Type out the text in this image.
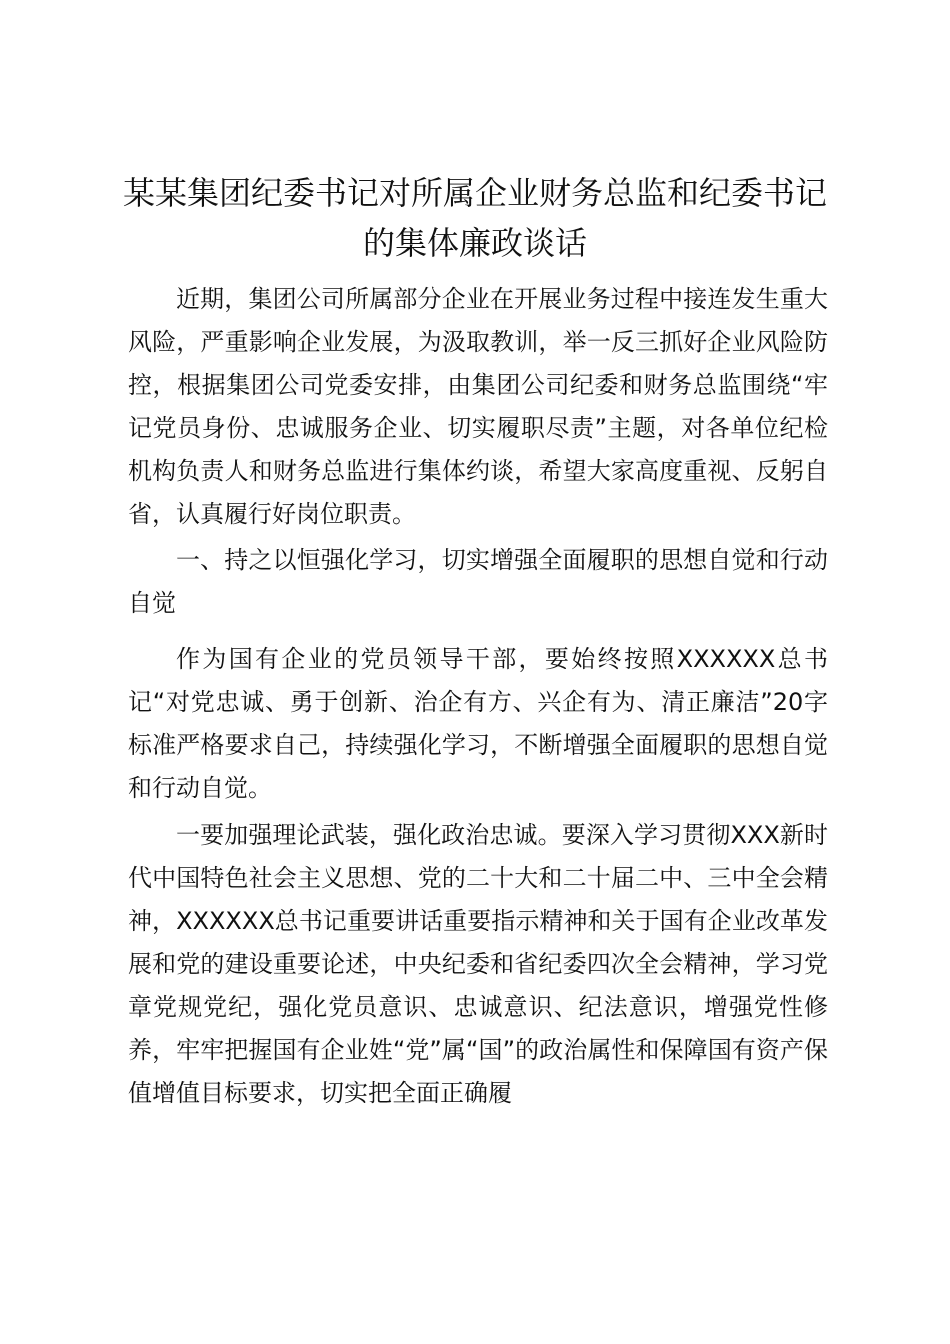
某某集团纪委书记对所属企业财务总监和纪委书记的集体廉政谈话

近期，集团公司所属部分企业在开展业务过程中接连发生重大风险，严重影响企业发展，为汲取教训，举一反三抓好企业风险防控，根据集团公司党委安排，由集团公司纪委和财务总监围绕“牢记党员身份、忠诚服务企业、切实履职尽责”主题，对各单位纪检机构负责人和财务总监进行集体约谈，希望大家高度重视、反躬自省，认真履行好岗位职责。

一、持之以恒强化学习，切实增强全面履职的思想自觉和行动自觉

作为国有企业的党员领导干部，要始终按照XXXXXX总书记“对党忠诚、勇于创新、治企有方、兴企有为、清正廉洁”20字标准严格要求自己，持续强化学习，不断增强全面履职的思想自觉和行动自觉。

一要加强理论武装，强化政治忠诚。要深入学习贯彻XXX新时代中国特色社会主义思想、党的二十大和二十届二中、三中全会精神，XXXXXX总书记重要讲话重要指示精神和关于国有企业改革发展和党的建设重要论述，中央纪委和省纪委四次全会精神，学习党章党规党纪，强化党员意识、忠诚意识、纪法意识，增强党性修养，牢牢把握国有企业姓“党”属“国”的政治属性和保障国有资产保值增值目标要求，切实把全面正确履
